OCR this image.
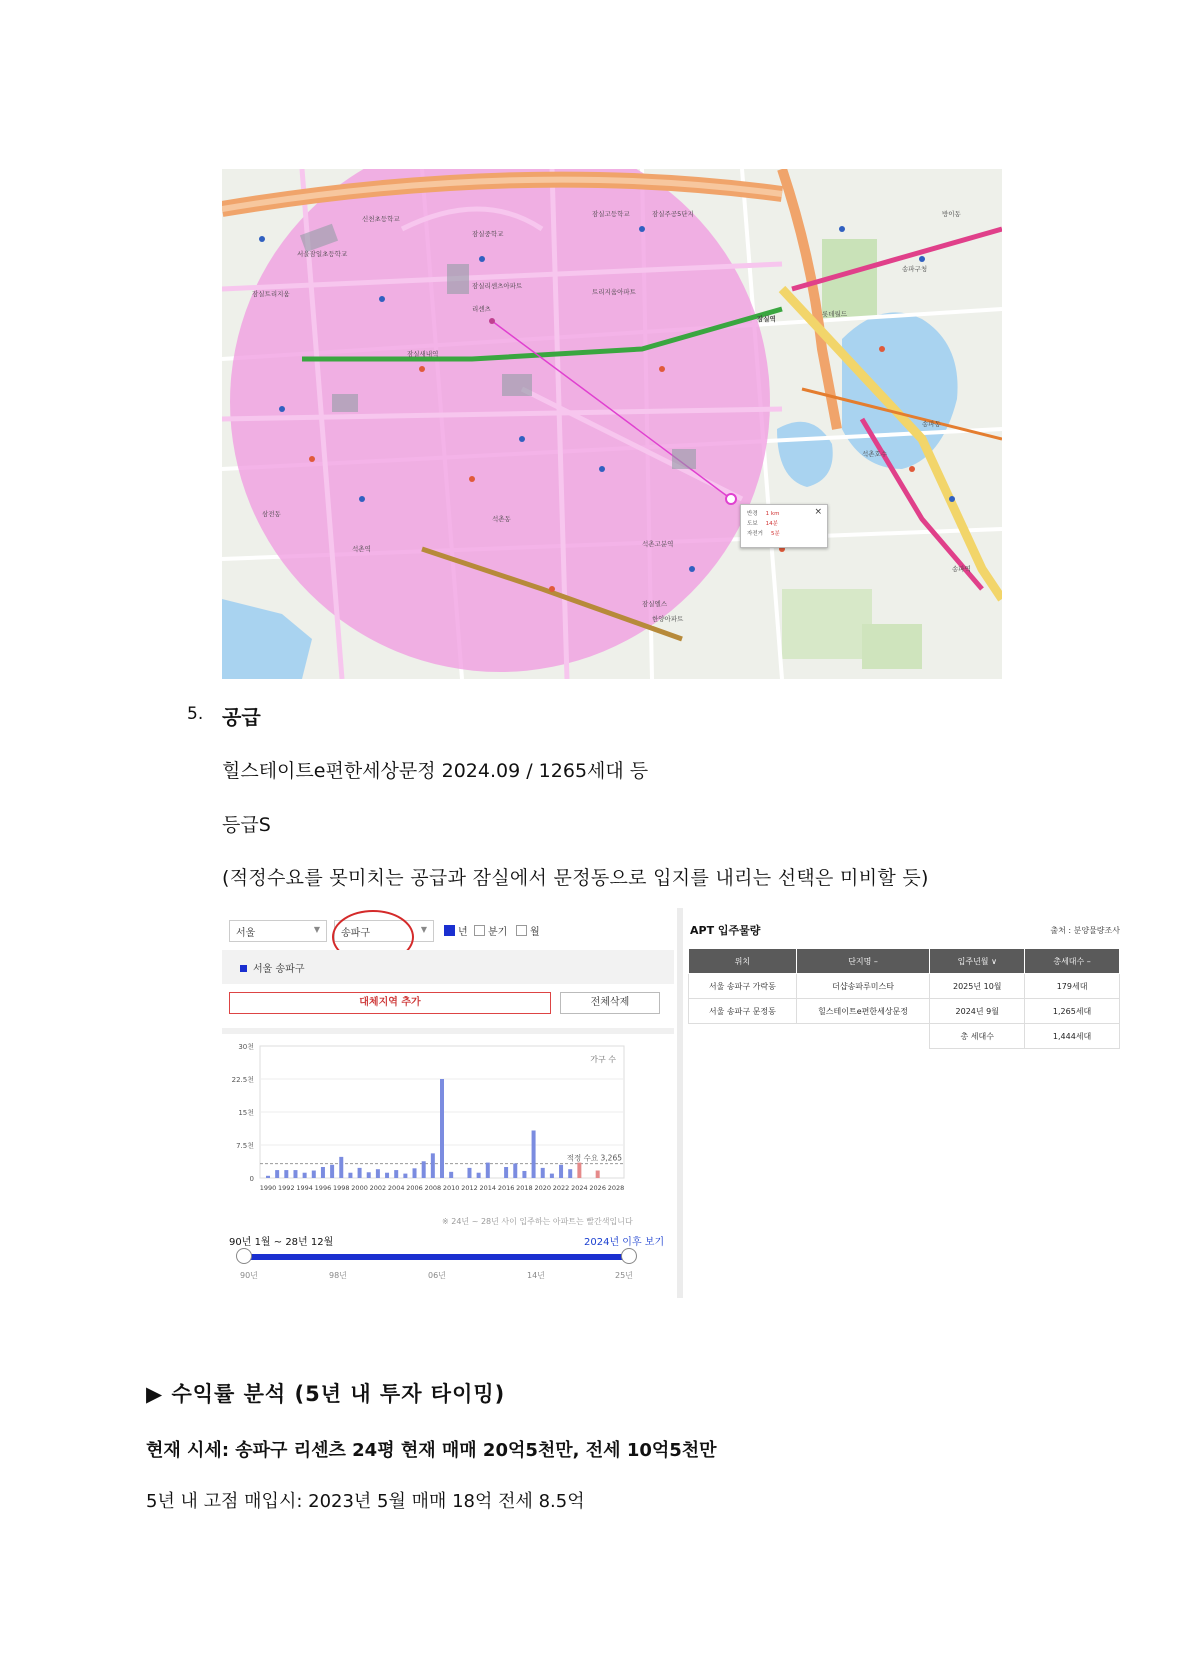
리센츠
잠실엘스
송파구청
잠실트리지움
잠실중학교
잠실고등학교
트리지움아파트
서울잠일초등학교
잠실리센츠아파트
석촌역
석촌고분역
송파역
한양아파트
잠실주공5단지
신천초등학교
방이동
송파동
삼전동
석촌동
잠실역
잠실새내역
석촌호수
롯데월드
×
반경 1 km
도보 14분
자전거 5분
5. 공급
힐스테이트e편한세상문정 2024.09 / 1265세대 등
등급S
(적정수요를 못미치는 공급과 잠실에서 문정동으로 입지를 내리는 선택은 미비할 듯)
서울	▼	송파구	▼	년 분기 월
서울 송파구
대체지역 추가	전체삭제
0
7.5천
15천
22.5천
30천
적정 수요 3,265
가구 수
1990 1992 1994 1996 1998 2000 2002 2004 2006 2008 2010 2012 2014 2016 2018 2020 2022 2024 2026 2028
※ 24년 ~ 28년 사이 입주하는 아파트는 빨간색입니다
90년 1월 ~ 28년 12월	2024년 이후 보기
90년	98년	06년	14년	25년
APT 입주물량	출처 : 분양물량조사
위치	단지명 –	입주년월 ∨	총세대수 –
서울 송파구 가락동	더샵송파루미스타	2025년 10월	179세대
서울 송파구 문정동	힐스테이트e편한세상문정	2024년 9월	1,265세대
		총 세대수	1,444세대
▶ 수익률 분석 (5년 내 투자 타이밍)
현재 시세: 송파구 리센츠 24평 현재 매매 20억5천만, 전세 10억5천만
5년 내 고점 매입시: 2023년 5월 매매 18억 전세 8.5억
